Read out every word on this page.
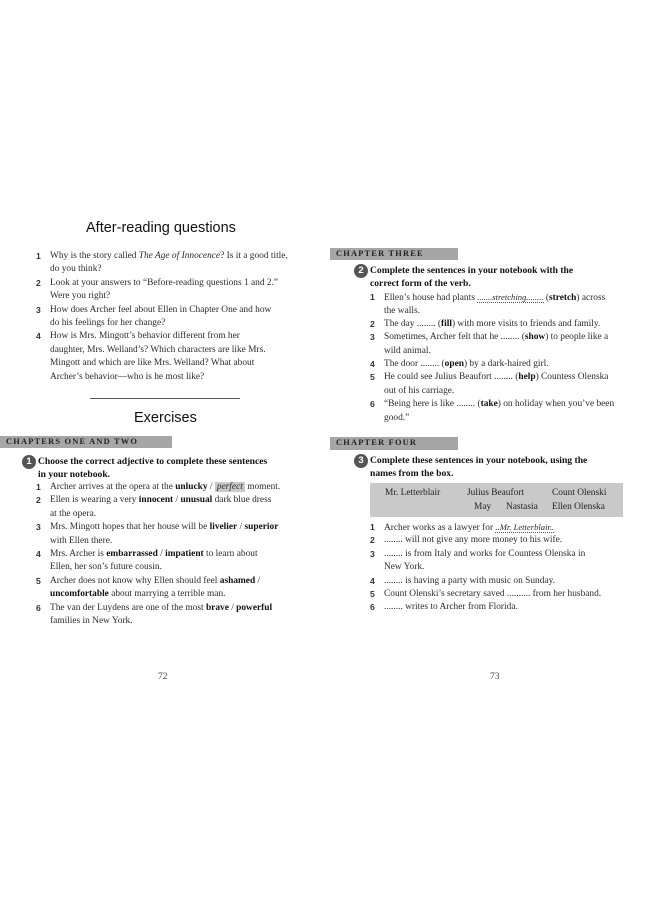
After-reading questions
1 Why is the story called The Age of Innocence? Is it a good title,
do you think?
2 Look at your answers to “Before-reading questions 1 and 2.”
Were you right?
3 How does Archer feel about Ellen in Chapter One and how
do his feelings for her change?
4 How is Mrs. Mingott’s behavior different from her
daughter, Mrs. Welland’s? Which characters are like Mrs.
Mingott and which are like Mrs. Welland? What about
Archer’s behavior—who is he most like?
Exercises
CHAPTERS ONE AND TWO
1 Choose the correct adjective to complete these sentences
in your notebook.
1 Archer arrives at the opera at the unlucky / perfect moment.
2 Ellen is wearing a very innocent / unusual dark blue dress
at the opera.
3 Mrs. Mingott hopes that her house will be livelier / superior
with Ellen there.
4 Mrs. Archer is embarrassed / impatient to learn about
Ellen, her son’s future cousin.
5 Archer does not know why Ellen should feel ashamed /
uncomfortable about marrying a terrible man.
6 The van der Luydens are one of the most brave / powerful
families in New York.
72
CHAPTER THREE
2 Complete the sentences in your notebook with the
correct form of the verb.
1 Ellen’s house had plants .......stretching........ (stretch) across
the walls.
2 The day ........ (fill) with more visits to friends and family.
3 Sometimes, Archer felt that he ........ (show) to people like a
wild animal.
4 The door ........ (open) by a dark-haired girl.
5 He could see Julius Beaufort ........ (help) Countess Olenska
out of his carriage.
6 “Being here is like ........ (take) on holiday when you’ve been
good.”
CHAPTER FOUR
3 Complete these sentences in your notebook, using the
names from the box.
Mr. Letterblair	Julius Beaufort	Count Olenski
May Nastasia Ellen Olenska
1 Archer works as a lawyer for ..Mr. Letterblair..
2 ........ will not give any more money to his wife.
3 ........ is from Italy and works for Countess Olenska in
New York.
4 ........ is having a party with music on Sunday.
5 Count Olenski’s secretary saved .......... from her husband.
6 ........ writes to Archer from Florida.
73
